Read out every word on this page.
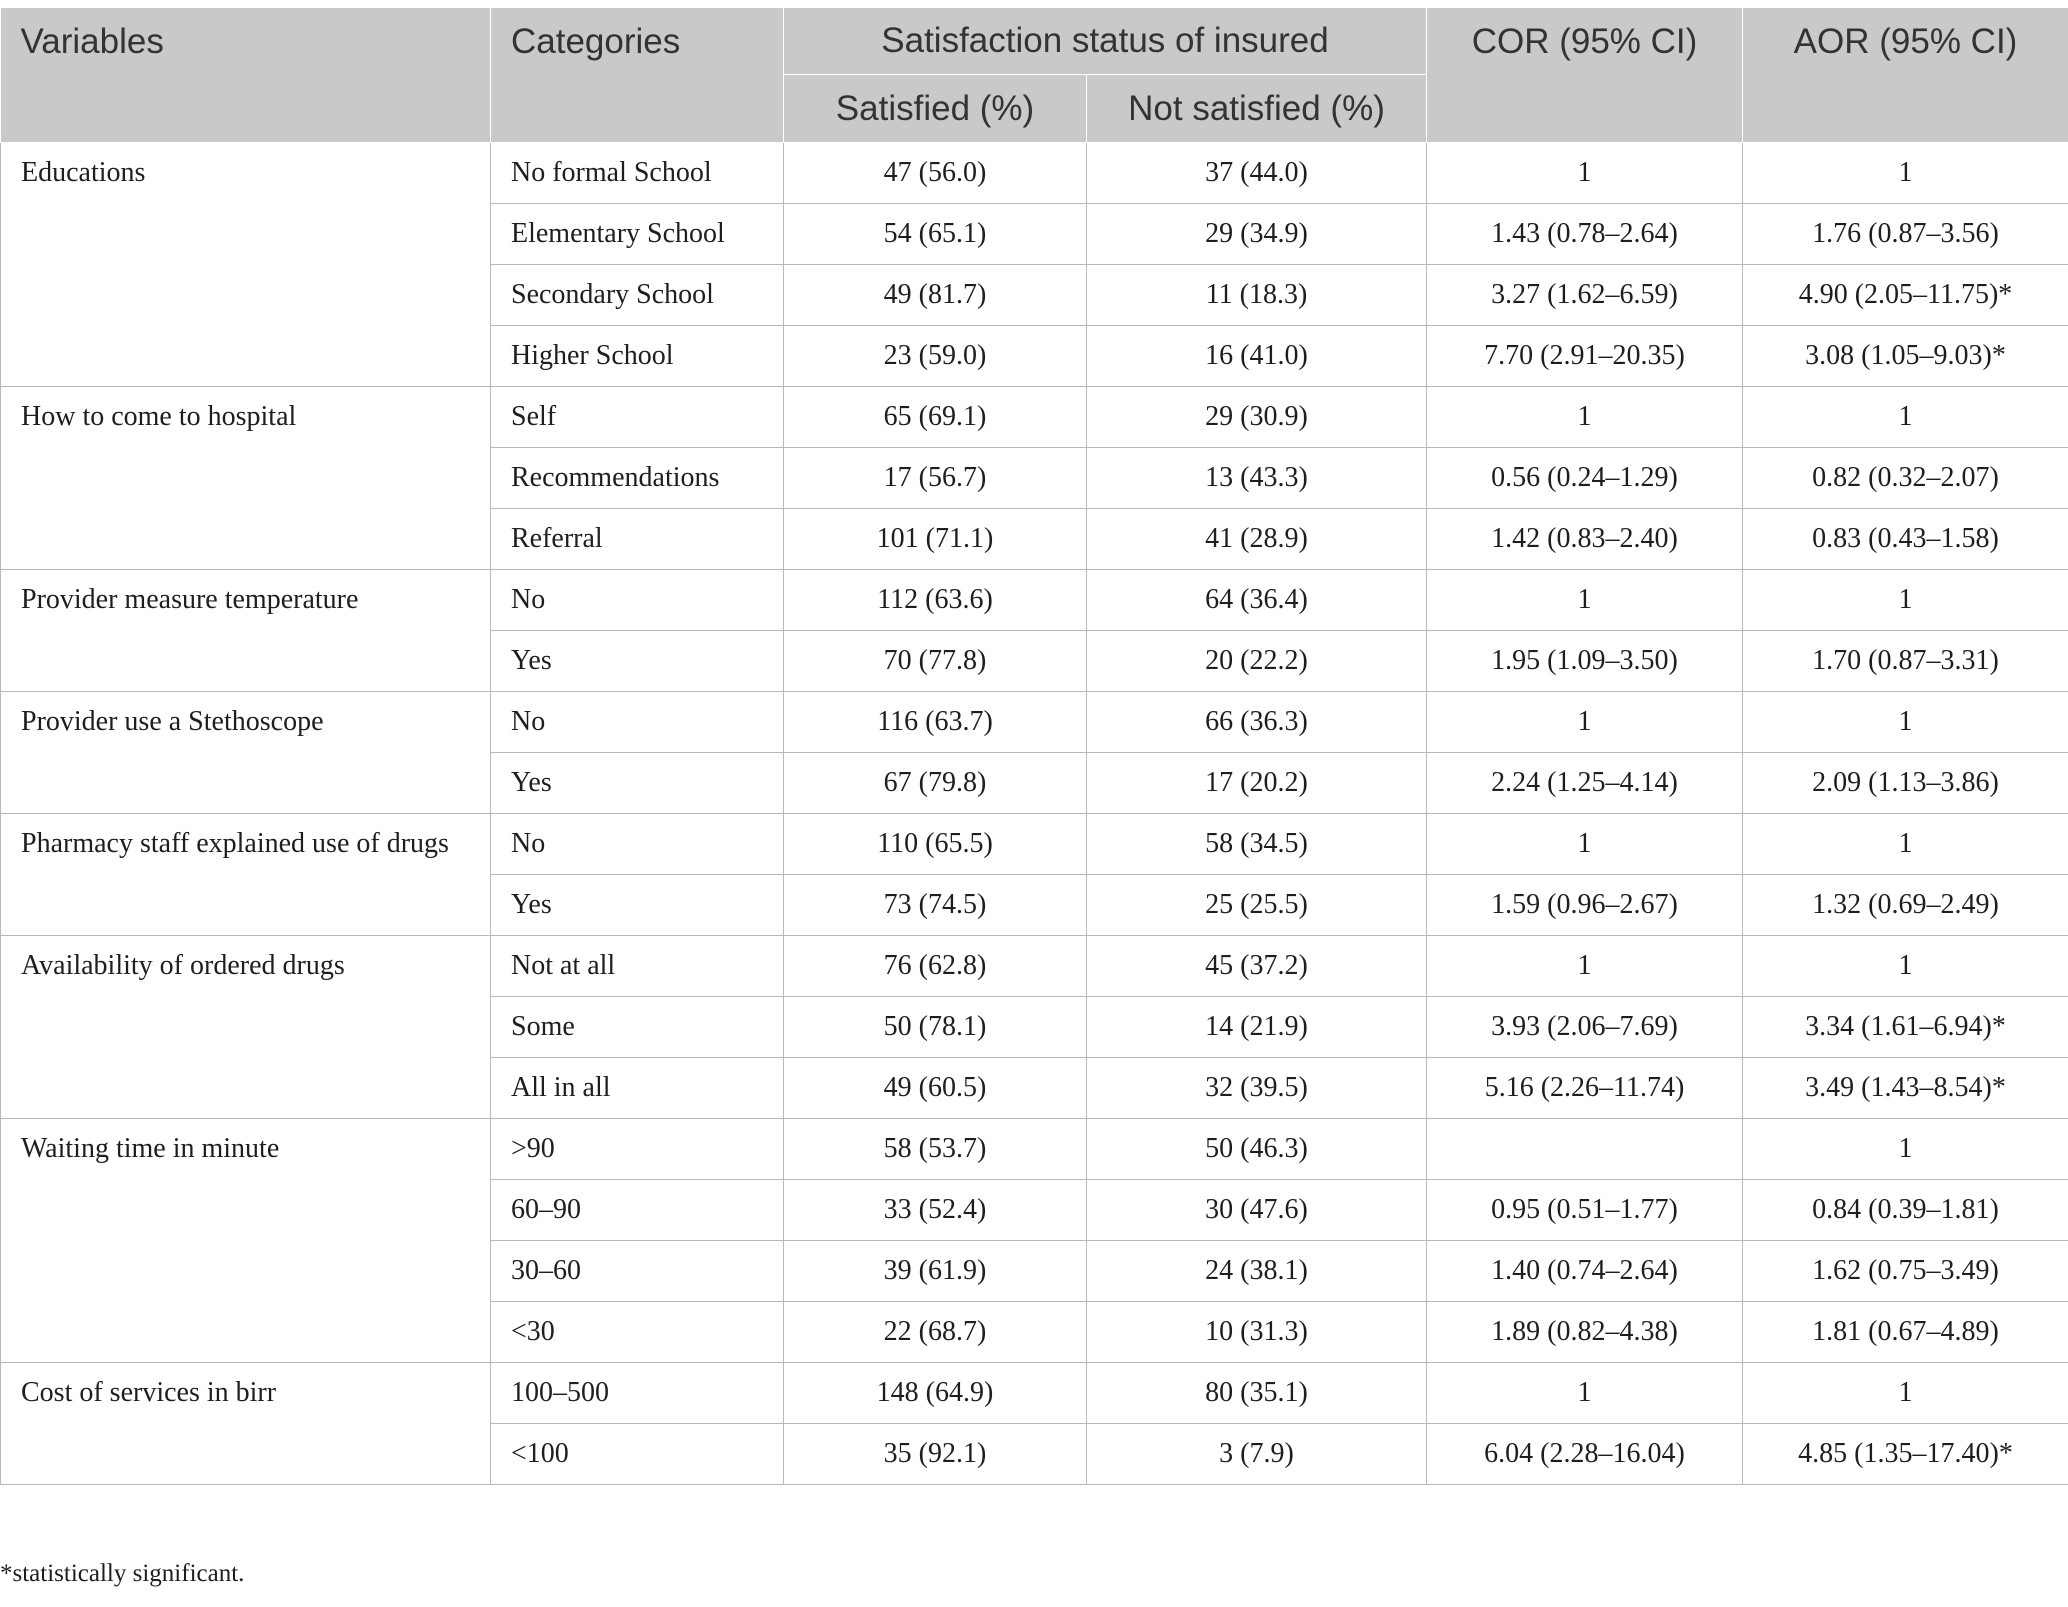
Variables	Categories	Satisfaction status of insured		COR (95% CI)	AOR (95% CI)
		Satisfied (%)	Not satisfied (%)		
Educations	No formal School	47 (56.0)	37 (44.0)	1	1
	Elementary School	54 (65.1)	29 (34.9)	1.43 (0.78–2.64)	1.76 (0.87–3.56)
	Secondary School	49 (81.7)	11 (18.3)	3.27 (1.62–6.59)	4.90 (2.05–11.75)*
	Higher School	23 (59.0)	16 (41.0)	7.70 (2.91–20.35)	3.08 (1.05–9.03)*
How to come to hospital	Self	65 (69.1)	29 (30.9)	1	1
	Recommendations	17 (56.7)	13 (43.3)	0.56 (0.24–1.29)	0.82 (0.32–2.07)
	Referral	101 (71.1)	41 (28.9)	1.42 (0.83–2.40)	0.83 (0.43–1.58)
Provider measure temperature	No	112 (63.6)	64 (36.4)	1	1
	Yes	70 (77.8)	20 (22.2)	1.95 (1.09–3.50)	1.70 (0.87–3.31)
Provider use a Stethoscope	No	116 (63.7)	66 (36.3)	1	1
	Yes	67 (79.8)	17 (20.2)	2.24 (1.25–4.14)	2.09 (1.13–3.86)
Pharmacy staff explained use of drugs	No	110 (65.5)	58 (34.5)	1	1
	Yes	73 (74.5)	25 (25.5)	1.59 (0.96–2.67)	1.32 (0.69–2.49)
Availability of ordered drugs	Not at all	76 (62.8)	45 (37.2)	1	1
	Some	50 (78.1)	14 (21.9)	3.93 (2.06–7.69)	3.34 (1.61–6.94)*
	All in all	49 (60.5)	32 (39.5)	5.16 (2.26–11.74)	3.49 (1.43–8.54)*
Waiting time in minute	>90	58 (53.7)	50 (46.3)		1
	60–90	33 (52.4)	30 (47.6)	0.95 (0.51–1.77)	0.84 (0.39–1.81)
	30–60	39 (61.9)	24 (38.1)	1.40 (0.74–2.64)	1.62 (0.75–3.49)
	<30	22 (68.7)	10 (31.3)	1.89 (0.82–4.38)	1.81 (0.67–4.89)
Cost of services in birr	100–500	148 (64.9)	80 (35.1)	1	1
	<100	35 (92.1)	3 (7.9)	6.04 (2.28–16.04)	4.85 (1.35–17.40)*
*statistically significant.
